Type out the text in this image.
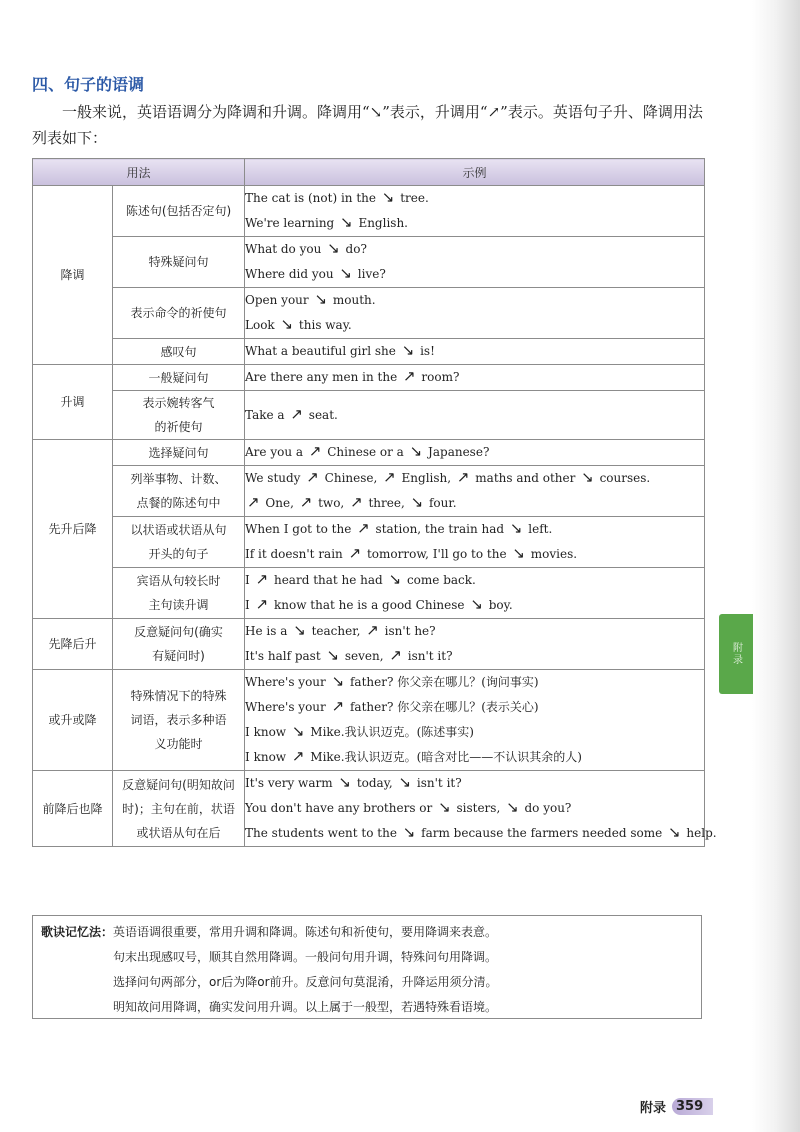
四、句子的语调
一般来说，英语语调分为降调和升调。降调用“↘”表示，升调用“↗”表示。英语句子升、降调用法列表如下：
用法		示例

降调	陈述句(包括否定句)	The cat is (not) in the ↘ tree.
We're learning ↘ English.

	特殊疑问句	What do you ↘ do?
Where did you ↘ live?

	表示命令的祈使句	Open your ↘ mouth.
Look ↘ this way.

	感叹句	What a beautiful girl she ↘ is!

升调	一般疑问句	Are there any men in the ↗ room?

	表示婉转客气的祈使句	Take a ↗ seat.

先升后降	选择疑问句	Are you a ↗ Chinese or a ↘ Japanese?

	列举事物、计数、点餐的陈述句中	We study ↗ Chinese, ↗ English, ↗ maths and other ↘ courses.
↗ One, ↗ two, ↗ three, ↘ four.

	以状语或状语从句开头的句子	When I got to the ↗ station, the train had ↘ left.
If it doesn't rain ↗ tomorrow, I'll go to the ↘ movies.

	宾语从句较长时主句读升调	I ↗ heard that he had ↘ come back.
I ↗ know that he is a good Chinese ↘ boy.

先降后升	反意疑问句(确实有疑问时)	He is a ↘ teacher, ↗ isn't he?
It's half past ↘ seven, ↗ isn't it?

或升或降	特殊情况下的特殊词语，表示多种语义功能时	Where's your ↘ father? 你父亲在哪儿？(询问事实)
Where's your ↗ father? 你父亲在哪儿？(表示关心)
I know ↘ Mike.我认识迈克。(陈述事实)
I know ↗ Mike.我认识迈克。(暗含对比——不认识其余的人)

前降后也降	反意疑问句(明知故问时)；主句在前，状语或状语从句在后	It's very warm ↘ today, ↘ isn't it?
You don't have any brothers or ↘ sisters, ↘ do you?
The students went to the ↘ farm because the farmers needed some ↘ help.
歌诀记忆法：英语语调很重要，常用升调和降调。陈述句和祈使句，要用降调来表意。
句末出现感叹号，顺其自然用降调。一般问句用升调，特殊问句用降调。
选择问句两部分，or后为降or前升。反意问句莫混淆，升降运用须分清。
明知故问用降调，确实发问用升调。以上属于一般型，若遇特殊看语境。
附录
附录 359
